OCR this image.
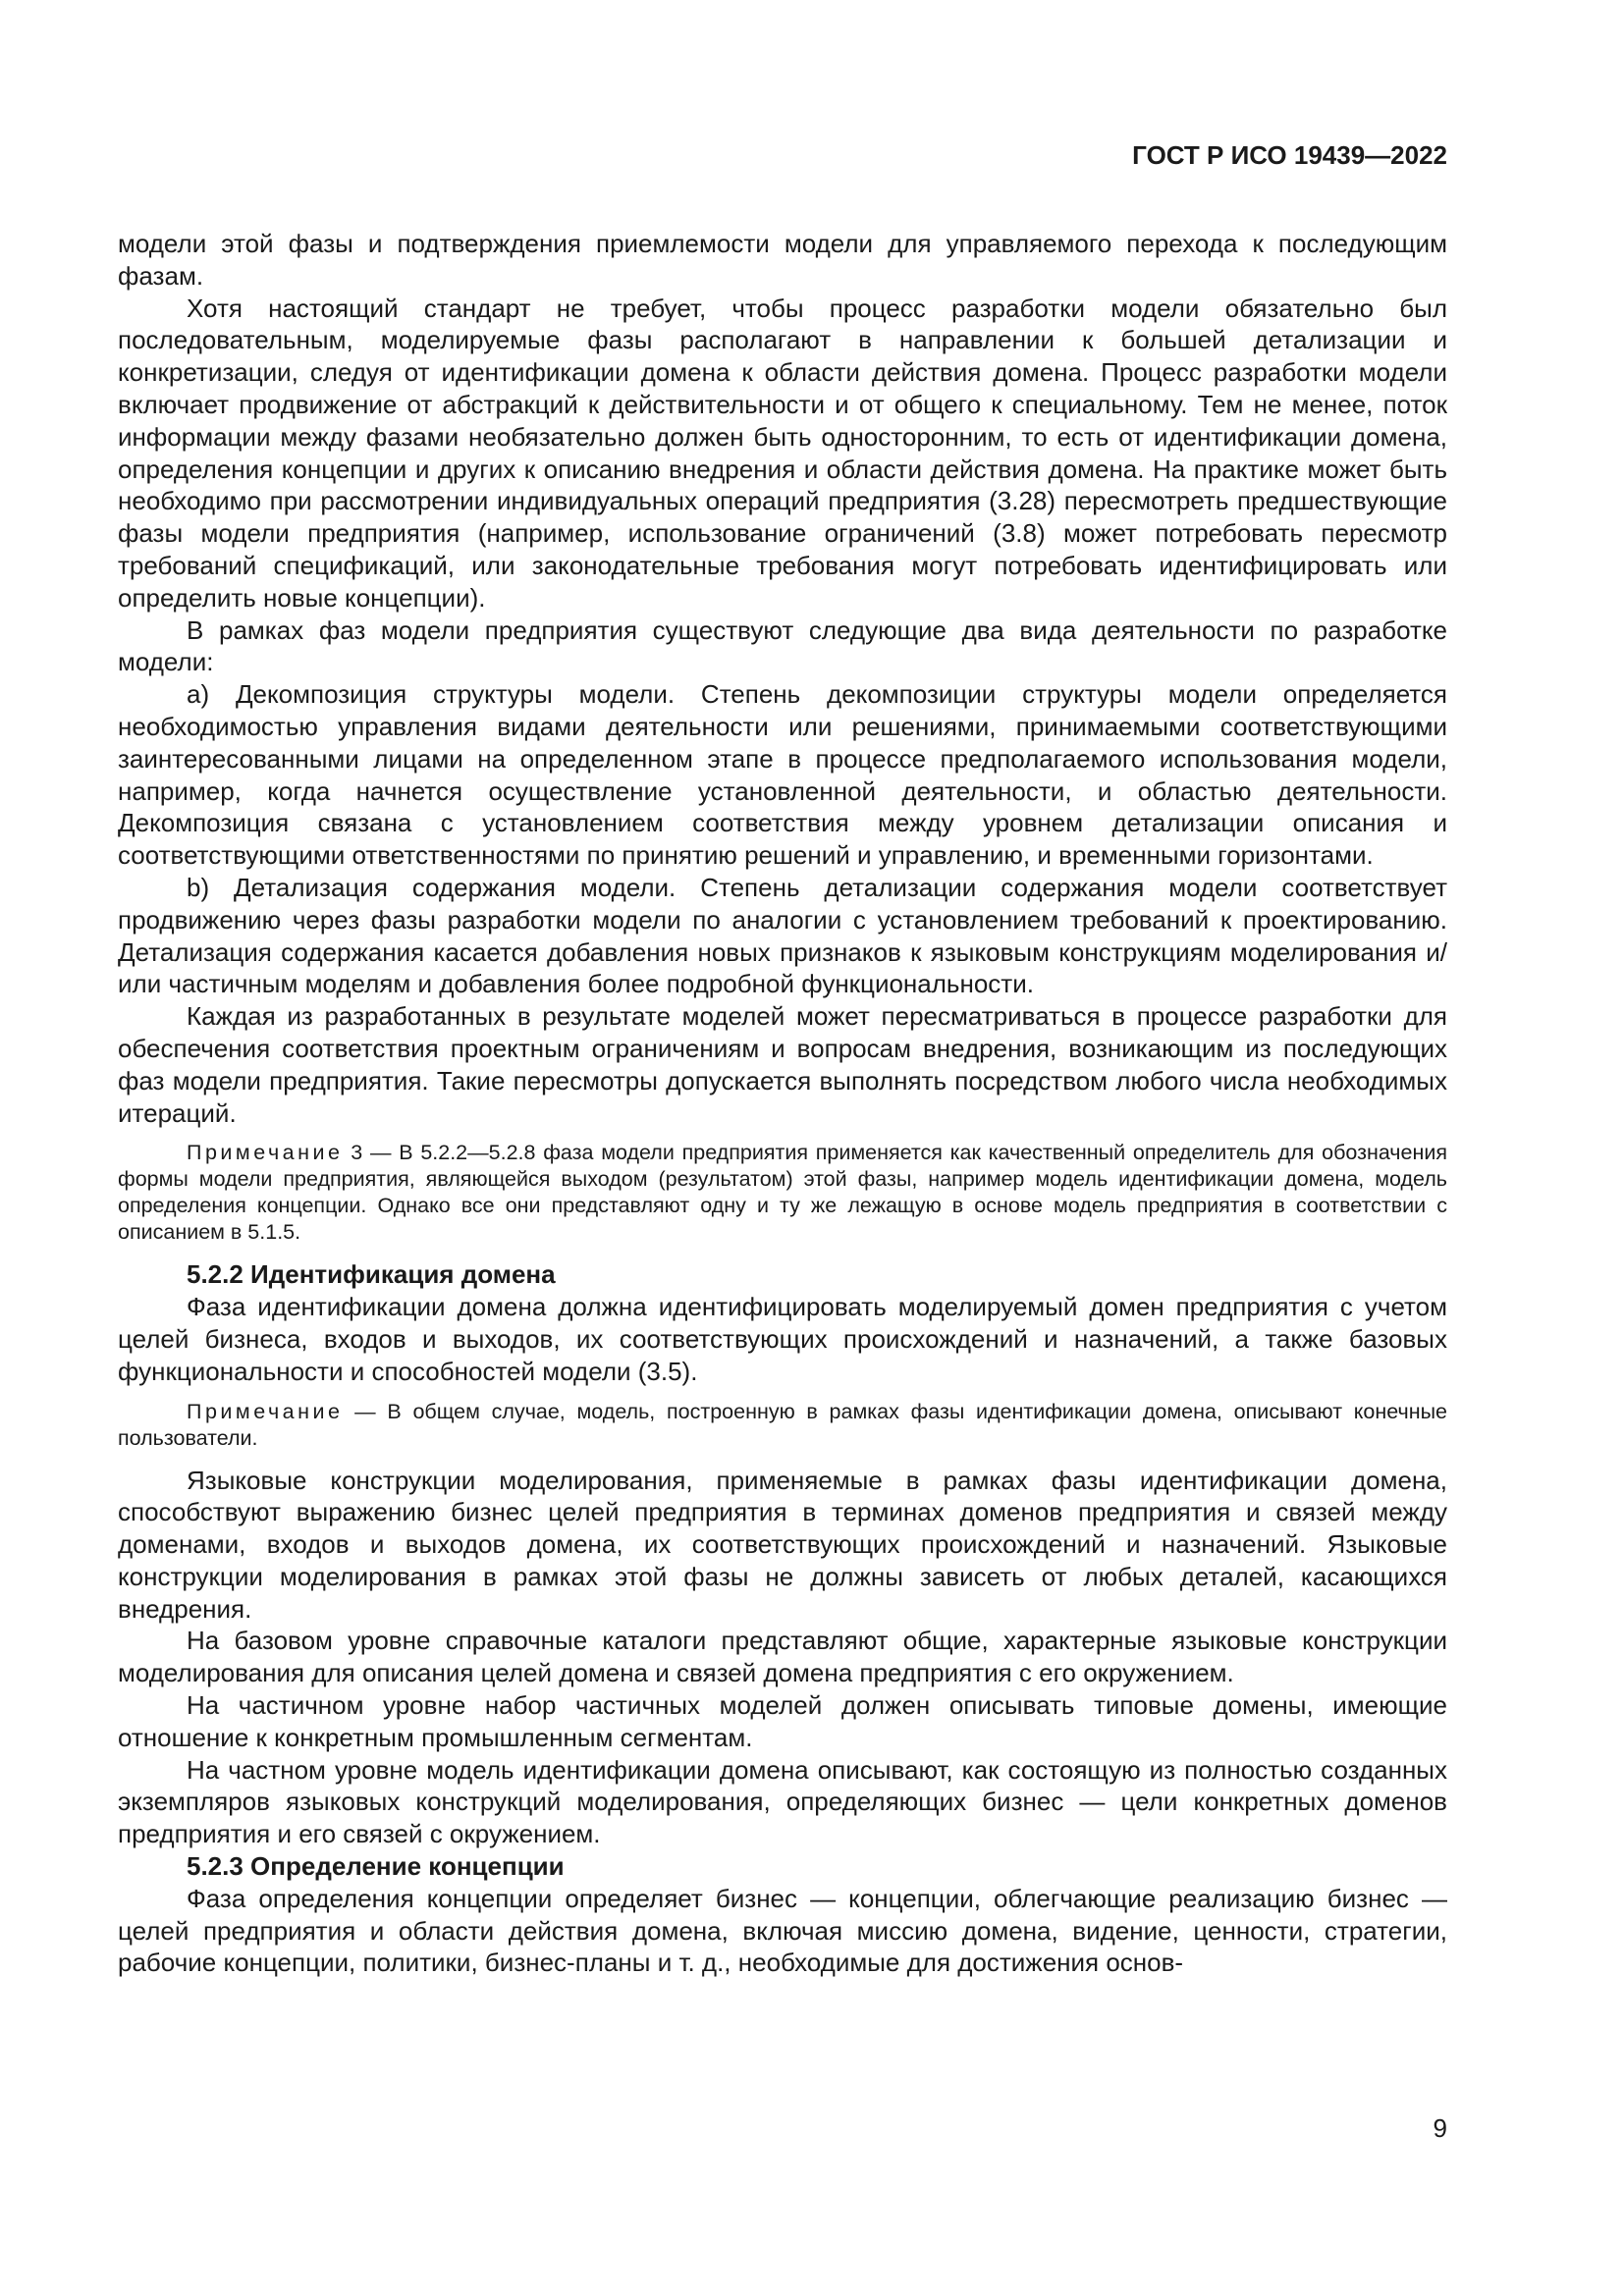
ГОСТ Р ИСО 19439—2022

модели этой фазы и подтверждения приемлемости модели для управляемого перехода к последующим фазам.

Хотя настоящий стандарт не требует, чтобы процесс разработки модели обязательно был последовательным, моделируемые фазы располагают в направлении к большей детализации и конкретизации, следуя от идентификации домена к области действия домена. Процесс разработки модели включает продвижение от абстракций к действительности и от общего к специальному. Тем не менее, поток информации между фазами необязательно должен быть односторонним, то есть от идентификации домена, определения концепции и других к описанию внедрения и области действия домена. На практике может быть необходимо при рассмотрении индивидуальных операций предприятия (3.28) пересмотреть предшествующие фазы модели предприятия (например, использование ограничений (3.8) может потребовать пересмотр требований спецификаций, или законодательные требования могут потребовать идентифицировать или определить новые концепции).

В рамках фаз модели предприятия существуют следующие два вида деятельности по разработке модели:

a) Декомпозиция структуры модели. Степень декомпозиции структуры модели определяется необходимостью управления видами деятельности или решениями, принимаемыми соответствующими заинтересованными лицами на определенном этапе в процессе предполагаемого использования модели, например, когда начнется осуществление установленной деятельности, и областью деятельности. Декомпозиция связана с установлением соответствия между уровнем детализации описания и соответствующими ответственностями по принятию решений и управлению, и временными горизонтами.

b) Детализация содержания модели. Степень детализации содержания модели соответствует продвижению через фазы разработки модели по аналогии с установлением требований к проектированию. Детализация содержания касается добавления новых признаков к языковым конструкциям моделирования и/или частичным моделям и добавления более подробной функциональности.

Каждая из разработанных в результате моделей может пересматриваться в процессе разработки для обеспечения соответствия проектным ограничениям и вопросам внедрения, возникающим из последующих фаз модели предприятия. Такие пересмотры допускается выполнять посредством любого числа необходимых итераций.

Примечание 3 — В 5.2.2—5.2.8 фаза модели предприятия применяется как качественный определитель для обозначения формы модели предприятия, являющейся выходом (результатом) этой фазы, например модель идентификации домена, модель определения концепции. Однако все они представляют одну и ту же лежащую в основе модель предприятия в соответствии с описанием в 5.1.5.

5.2.2 Идентификация домена

Фаза идентификации домена должна идентифицировать моделируемый домен предприятия с учетом целей бизнеса, входов и выходов, их соответствующих происхождений и назначений, а также базовых функциональности и способностей модели (3.5).

Примечание — В общем случае, модель, построенную в рамках фазы идентификации домена, описывают конечные пользователи.

Языковые конструкции моделирования, применяемые в рамках фазы идентификации домена, способствуют выражению бизнес целей предприятия в терминах доменов предприятия и связей между доменами, входов и выходов домена, их соответствующих происхождений и назначений. Языковые конструкции моделирования в рамках этой фазы не должны зависеть от любых деталей, касающихся внедрения.

На базовом уровне справочные каталоги представляют общие, характерные языковые конструкции моделирования для описания целей домена и связей домена предприятия с его окружением.

На частичном уровне набор частичных моделей должен описывать типовые домены, имеющие отношение к конкретным промышленным сегментам.

На частном уровне модель идентификации домена описывают, как состоящую из полностью созданных экземпляров языковых конструкций моделирования, определяющих бизнес — цели конкретных доменов предприятия и его связей с окружением.

5.2.3 Определение концепции

Фаза определения концепции определяет бизнес — концепции, облегчающие реализацию бизнес — целей предприятия и области действия домена, включая миссию домена, видение, ценности, стратегии, рабочие концепции, политики, бизнес-планы и т. д., необходимые для достижения основ-

9
